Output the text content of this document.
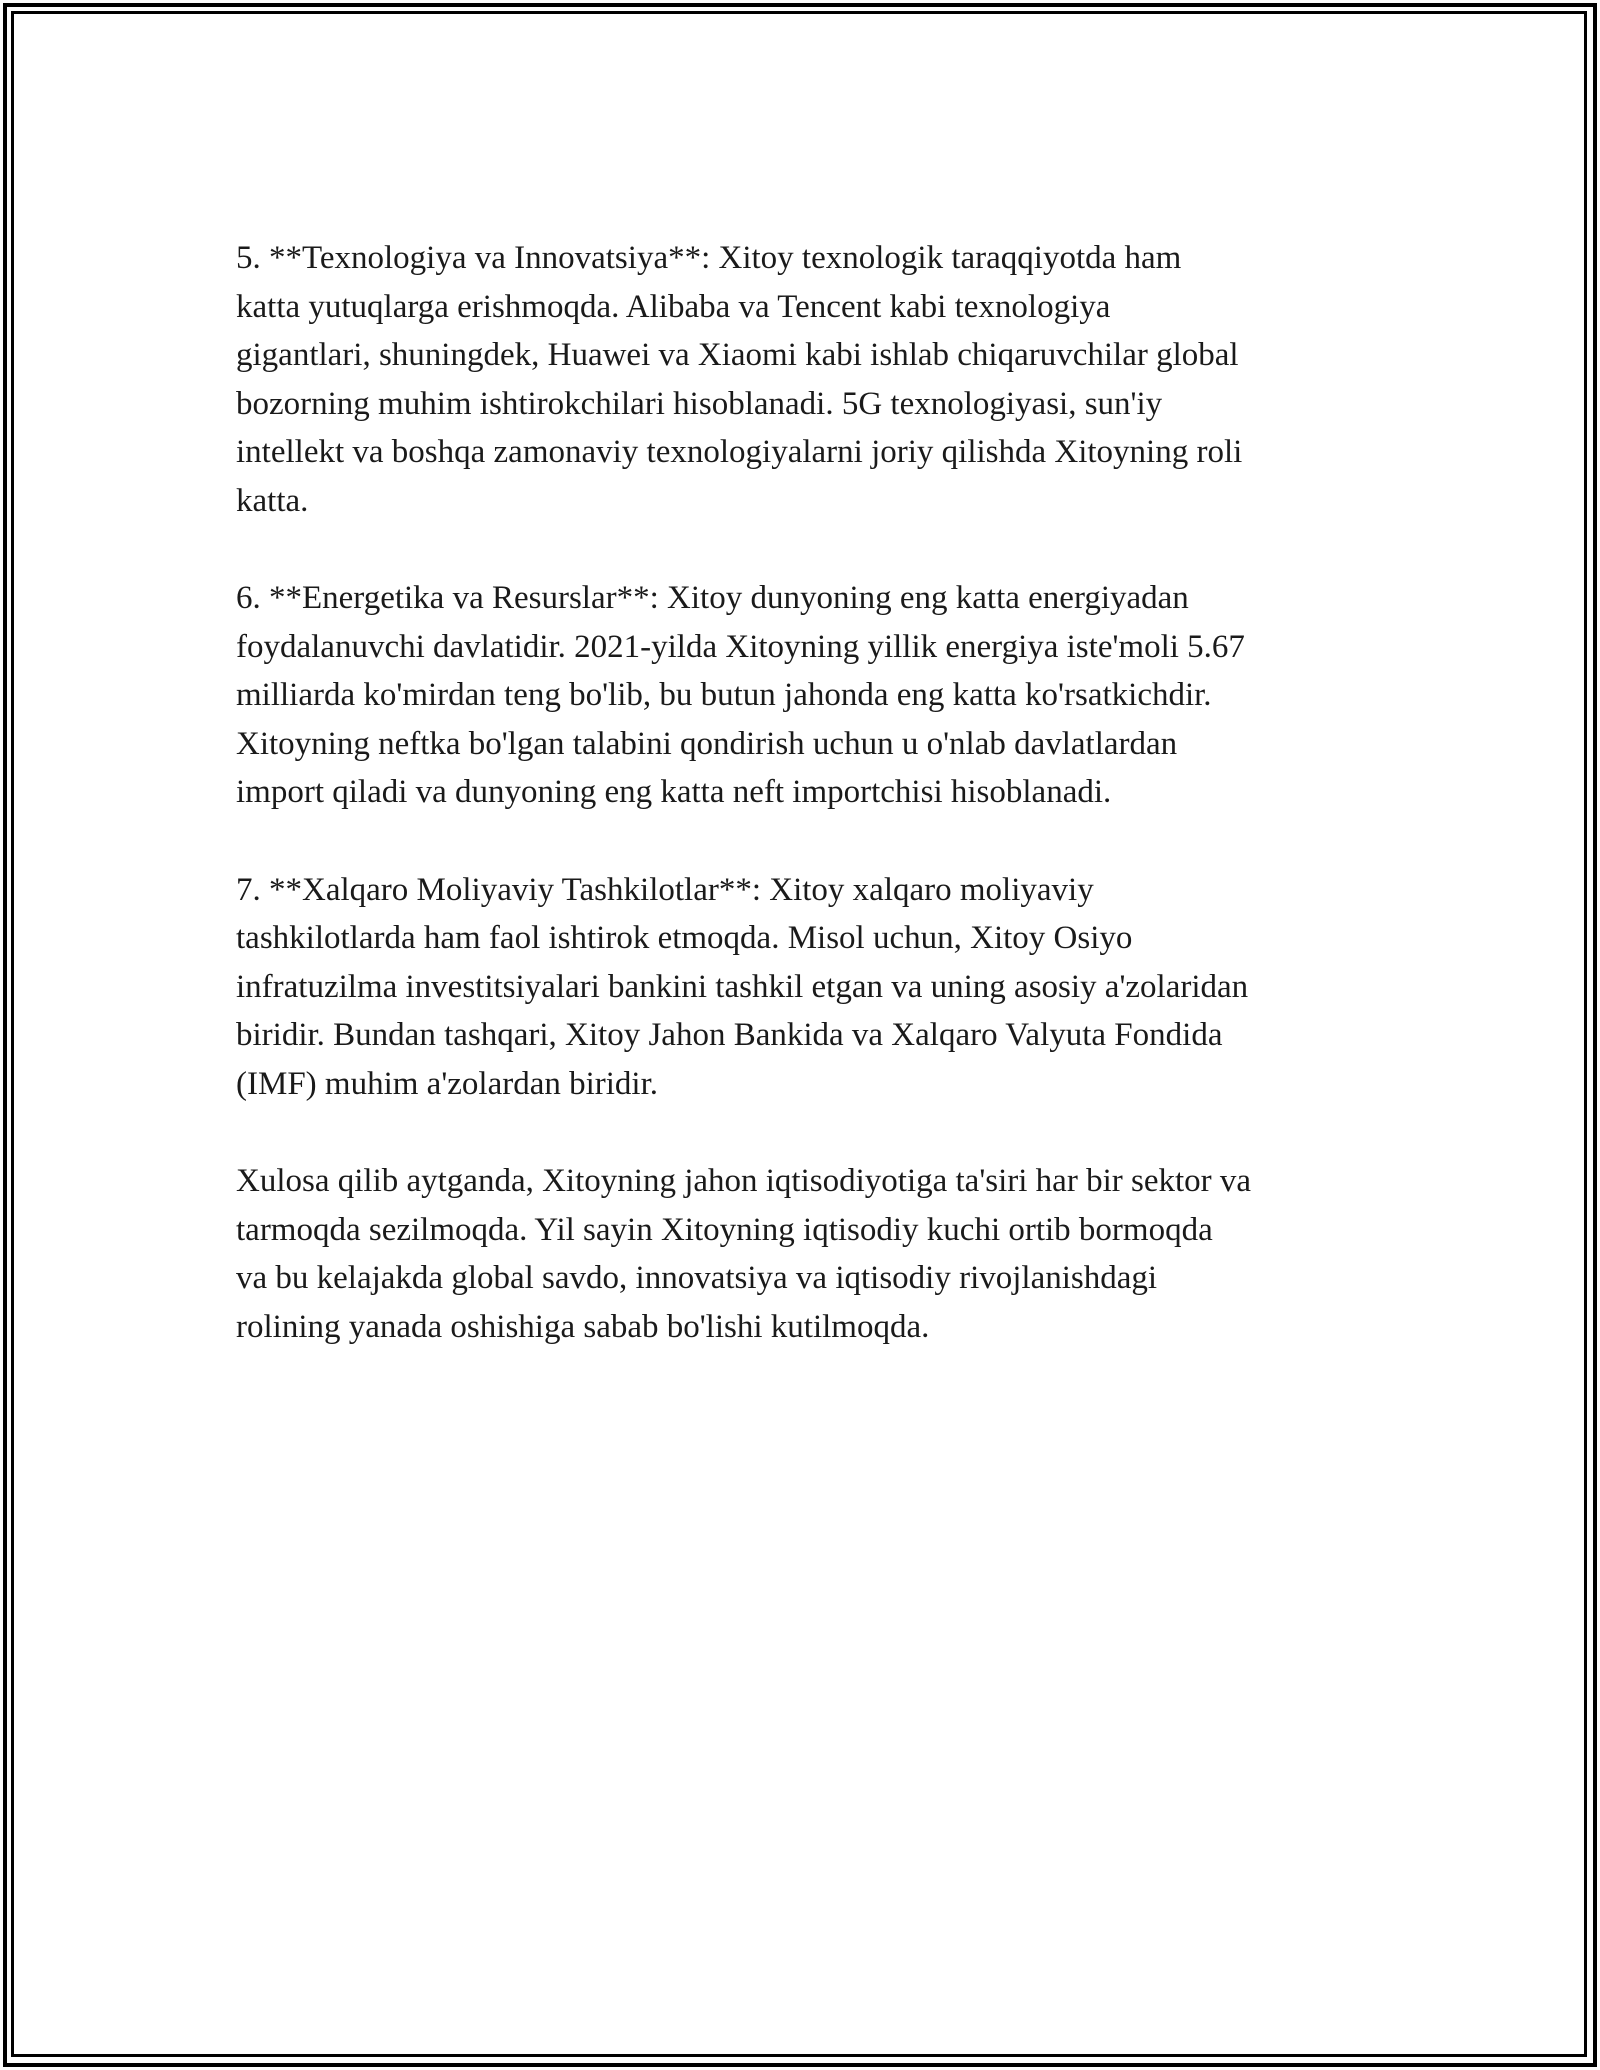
5. **Texnologiya va Innovatsiya**: Xitoy texnologik taraqqiyotda ham
katta yutuqlarga erishmoqda. Alibaba va Tencent kabi texnologiya
gigantlari, shuningdek, Huawei va Xiaomi kabi ishlab chiqaruvchilar global
bozorning muhim ishtirokchilari hisoblanadi. 5G texnologiyasi, sun'iy
intellekt va boshqa zamonaviy texnologiyalarni joriy qilishda Xitoyning roli
katta.

6. **Energetika va Resurslar**: Xitoy dunyoning eng katta energiyadan
foydalanuvchi davlatidir. 2021-yilda Xitoyning yillik energiya iste'moli 5.67
milliarda ko'mirdan teng bo'lib, bu butun jahonda eng katta ko'rsatkichdir.
Xitoyning neftka bo'lgan talabini qondirish uchun u o'nlab davlatlardan
import qiladi va dunyoning eng katta neft importchisi hisoblanadi.

7. **Xalqaro Moliyaviy Tashkilotlar**: Xitoy xalqaro moliyaviy
tashkilotlarda ham faol ishtirok etmoqda. Misol uchun, Xitoy Osiyo
infratuzilma investitsiyalari bankini tashkil etgan va uning asosiy a'zolaridan
biridir. Bundan tashqari, Xitoy Jahon Bankida va Xalqaro Valyuta Fondida
(IMF) muhim a'zolardan biridir.

Xulosa qilib aytganda, Xitoyning jahon iqtisodiyotiga ta'siri har bir sektor va
tarmoqda sezilmoqda. Yil sayin Xitoyning iqtisodiy kuchi ortib bormoqda
va bu kelajakda global savdo, innovatsiya va iqtisodiy rivojlanishdagi
rolining yanada oshishiga sabab bo'lishi kutilmoqda.
